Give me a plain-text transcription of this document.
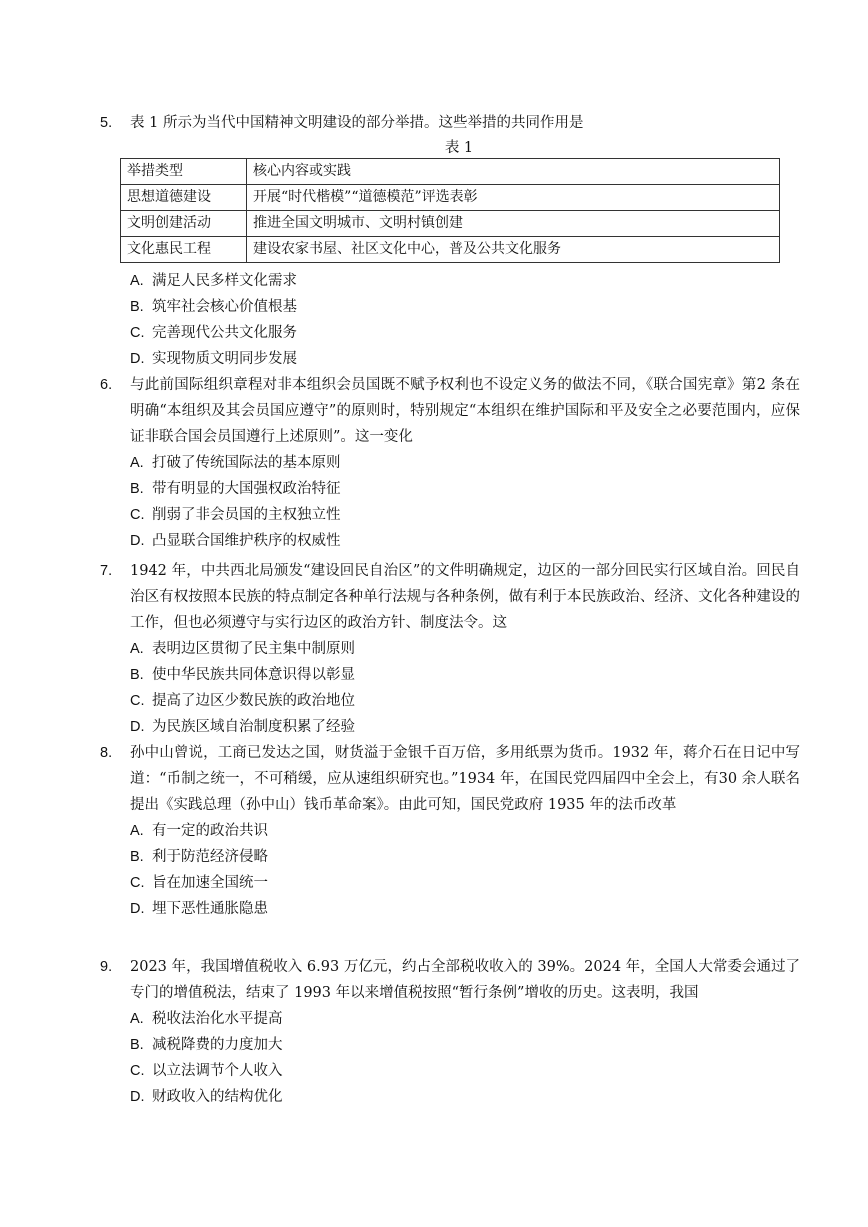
5.	表 1 所示为当代中国精神文明建设的部分举措。这些举措的共同作用是
表 1
举措类型	核心内容或实践
思想道德建设	开展“时代楷模”“道德模范”评选表彰
文明创建活动	推进全国文明城市、文明村镇创建
文化惠民工程	建设农家书屋、社区文化中心，普及公共文化服务
A. 满足人民多样文化需求
B. 筑牢社会核心价值根基
C. 完善现代公共文化服务
D. 实现物质文明同步发展
6.	与此前国际组织章程对非本组织会员国既不赋予权利也不设定义务的做法不同，《联合国宪章》第2 条在明确“本组织及其会员国应遵守”的原则时，特别规定“本组织在维护国际和平及安全之必要范围内，应保证非联合国会员国遵行上述原则”。这一变化
A. 打破了传统国际法的基本原则
B. 带有明显的大国强权政治特征
C. 削弱了非会员国的主权独立性
D. 凸显联合国维护秩序的权威性
7.	1942 年，中共西北局颁发“建设回民自治区”的文件明确规定，边区的一部分回民实行区域自治。回民自治区有权按照本民族的特点制定各种单行法规与各种条例，做有利于本民族政治、经济、文化各种建设的工作，但也必须遵守与实行边区的政治方针、制度法令。这
A. 表明边区贯彻了民主集中制原则
B. 使中华民族共同体意识得以彰显
C. 提高了边区少数民族的政治地位
D. 为民族区域自治制度积累了经验
8.	孙中山曾说，工商已发达之国，财货溢于金银千百万倍，多用纸票为货币。1932 年，蒋介石在日记中写道：“币制之统一，不可稍缓，应从速组织研究也。”1934 年，在国民党四届四中全会上，有30 余人联名提出《实践总理（孙中山）钱币革命案》。由此可知，国民党政府 1935 年的法币改革
A. 有一定的政治共识
B. 利于防范经济侵略
C. 旨在加速全国统一
D. 埋下恶性通胀隐患
9.	2023 年，我国增值税收入 6.93 万亿元，约占全部税收收入的 39%。2024 年，全国人大常委会通过了专门的增值税法，结束了 1993 年以来增值税按照“暂行条例”增收的历史。这表明，我国
A. 税收法治化水平提高
B. 减税降费的力度加大
C. 以立法调节个人收入
D. 财政收入的结构优化
